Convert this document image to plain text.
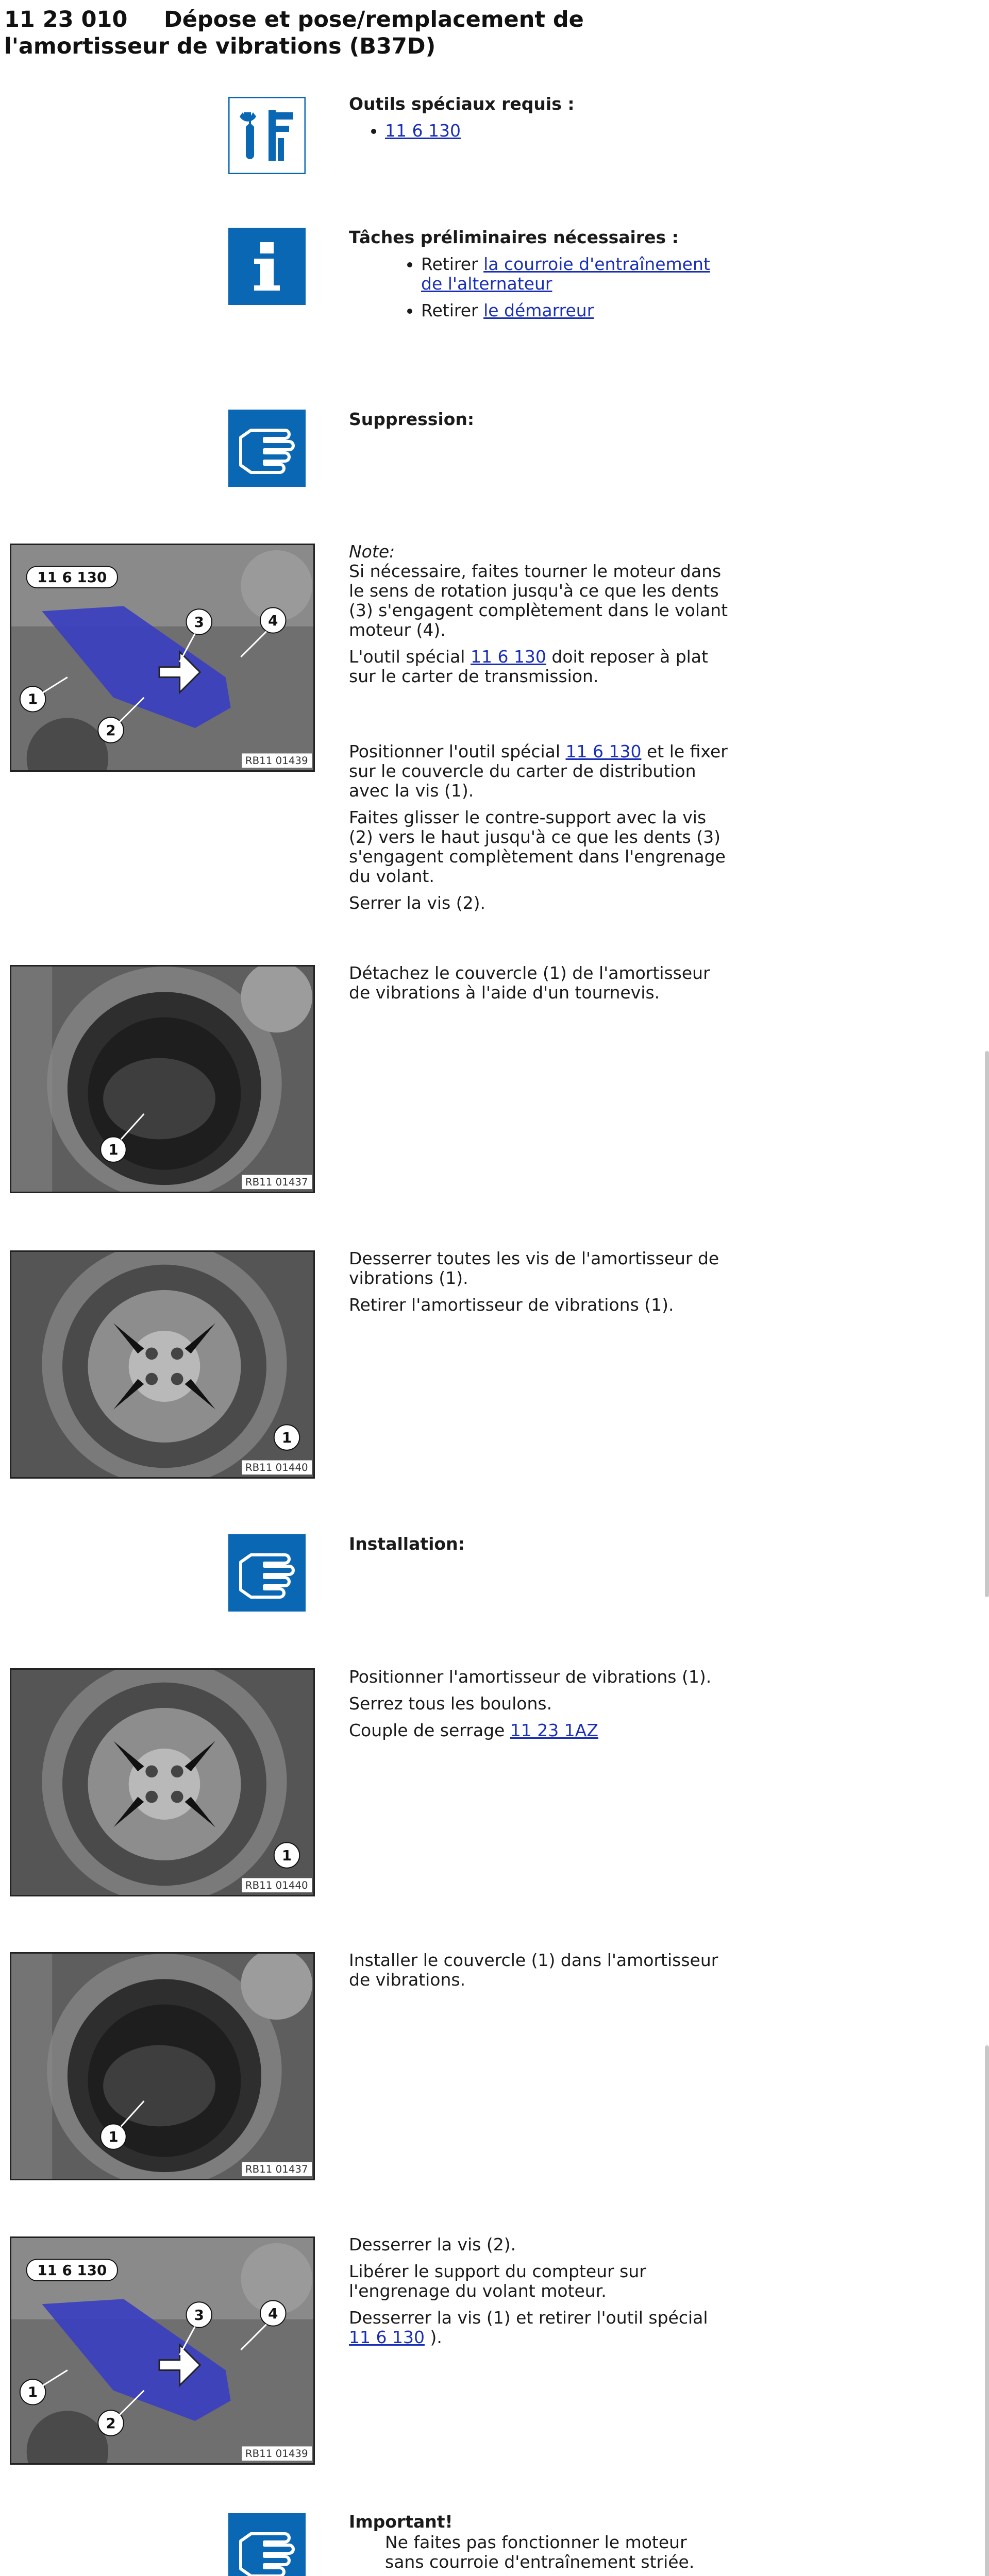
11 23 010 Dépose et pose/remplacement de l'amortisseur de vibrations (B37D)

Outils spéciaux requis :

• 11 6 130

Tâches préliminaires nécessaires :

• Retirer la courroie d'entraînement de l'alternateur
• Retirer le démarreur

Suppression:

11 6 130
1
2
3	4
RB11 01439

Note:

Si nécessaire, faites tourner le moteur dans le sens de rotation jusqu'à ce que les dents (3) s'engagent complètement dans le volant moteur (4).

L'outil spécial 11 6 130 doit reposer à plat sur le carter de transmission.

Positionner l'outil spécial 11 6 130 et le fixer sur le couvercle du carter de distribution avec la vis (1).

Faites glisser le contre-support avec la vis (2) vers le haut jusqu'à ce que les dents (3) s'engagent complètement dans l'engrenage du volant.

Serrer la vis (2).

1
RB11 01437

Détachez le couvercle (1) de l'amortisseur de vibrations à l'aide d'un tournevis.

1
RB11 01440

Desserrer toutes les vis de l'amortisseur de vibrations (1).

Retirer l'amortisseur de vibrations (1).

Installation:

1
RB11 01440

Positionner l'amortisseur de vibrations (1).

Serrez tous les boulons.

Couple de serrage 11 23 1AZ

1
RB11 01437

Installer le couvercle (1) dans l'amortisseur de vibrations.

11 6 130
1
2
3	4
RB11 01439

Desserrer la vis (2).

Libérer le support du compteur sur l'engrenage du volant moteur.

Desserrer la vis (1) et retirer l'outil spécial 11 6 130 ).

Important!

Ne faites pas fonctionner le moteur sans courroie d'entraînement striée.
